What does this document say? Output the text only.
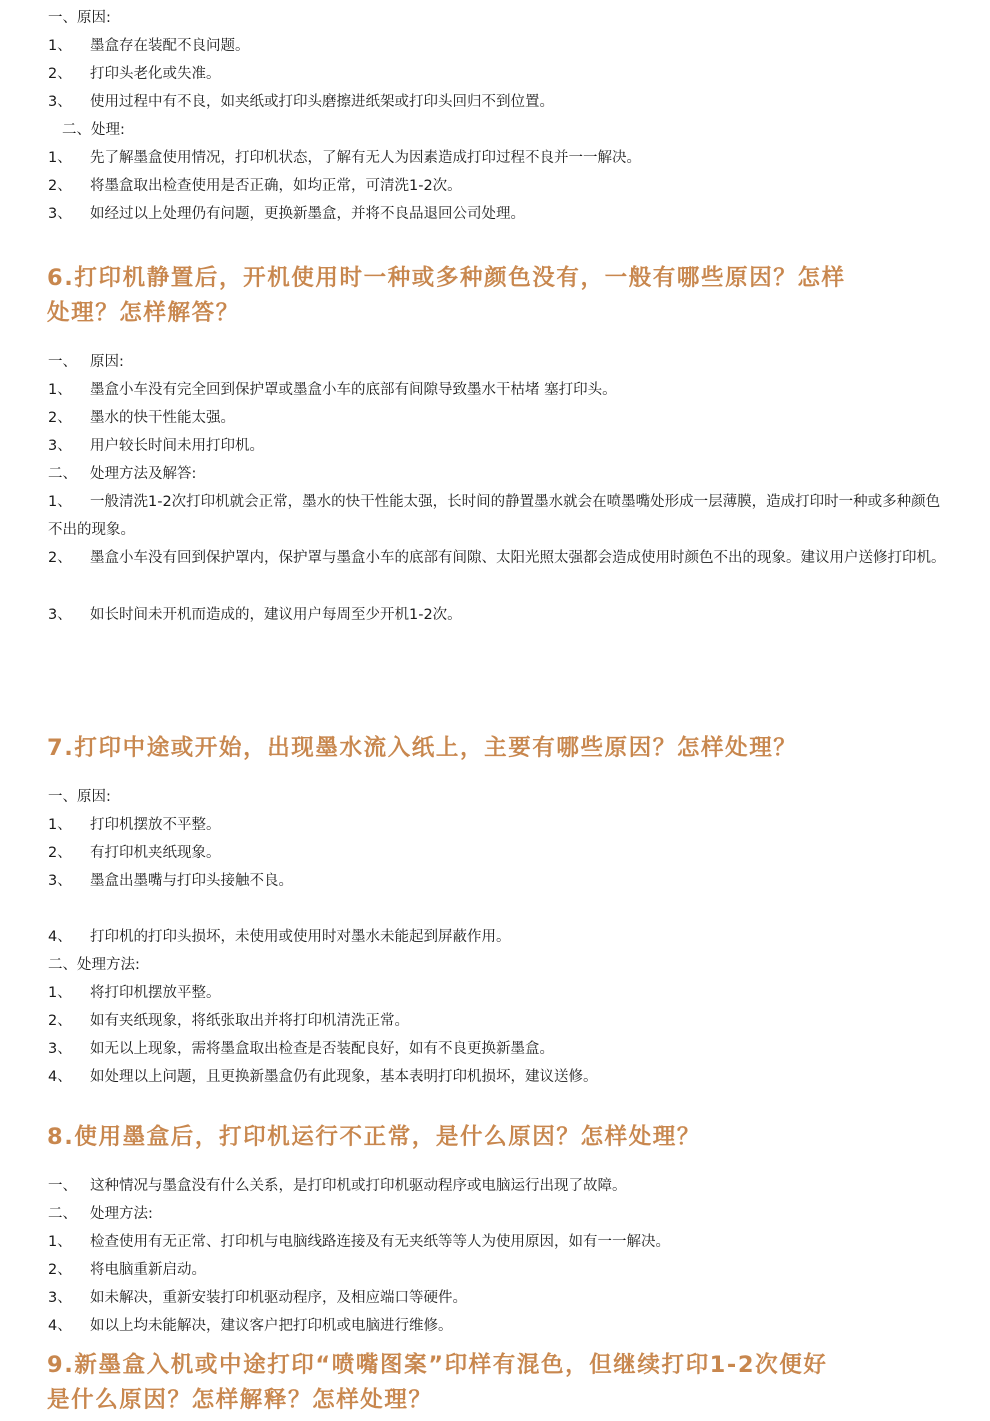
一、原因:
1、 墨盒存在装配不良问题。
2、 打印头老化或失准。
3、 使用过程中有不良，如夹纸或打印头磨擦进纸架或打印头回归不到位置。
二、处理:
1、 先了解墨盒使用情况，打印机状态，了解有无人为因素造成打印过程不良并一一解决。
2、 将墨盒取出检查使用是否正确，如均正常，可清洗1-2次。
3、 如经过以上处理仍有问题，更换新墨盒，并将不良品退回公司处理。
6.打印机静置后，开机使用时一种或多种颜色没有，一般有哪些原因？怎样
处理？怎样解答？
一、 原因:
1、 墨盒小车没有完全回到保护罩或墨盒小车的底部有间隙导致墨水干枯堵 塞打印头。
2、 墨水的快干性能太强。
3、 用户较长时间未用打印机。
二、 处理方法及解答:
1、 一般清洗1-2次打印机就会正常，墨水的快干性能太强，长时间的静置墨水就会在喷墨嘴处形成一层薄膜，造成打印时一种或多种颜色不出的现象。
2、 墨盒小车没有回到保护罩内，保护罩与墨盒小车的底部有间隙、太阳光照太强都会造成使用时颜色不出的现象。建议用户送修打印机。
3、 如长时间未开机而造成的，建议用户每周至少开机1-2次。
7.打印中途或开始，出现墨水流入纸上，主要有哪些原因？怎样处理？
一、原因:
1、 打印机摆放不平整。
2、 有打印机夹纸现象。
3、 墨盒出墨嘴与打印头接触不良。
4、 打印机的打印头损坏，未使用或使用时对墨水未能起到屏蔽作用。
二、处理方法:
1、 将打印机摆放平整。
2、 如有夹纸现象，将纸张取出并将打印机清洗正常。
3、 如无以上现象，需将墨盒取出检查是否装配良好，如有不良更换新墨盒。
4、 如处理以上问题，且更换新墨盒仍有此现象，基本表明打印机损坏，建议送修。
8.使用墨盒后，打印机运行不正常，是什么原因？怎样处理？
一、 这种情况与墨盒没有什么关系，是打印机或打印机驱动程序或电脑运行出现了故障。
二、 处理方法:
1、 检查使用有无正常、打印机与电脑线路连接及有无夹纸等等人为使用原因，如有一一解决。
2、 将电脑重新启动。
3、 如未解决，重新安装打印机驱动程序，及相应端口等硬件。
4、 如以上均未能解决，建议客户把打印机或电脑进行维修。
9.新墨盒入机或中途打印“喷嘴图案”印样有混色，但继续打印1-2次便好
是什么原因？怎样解释？怎样处理？
